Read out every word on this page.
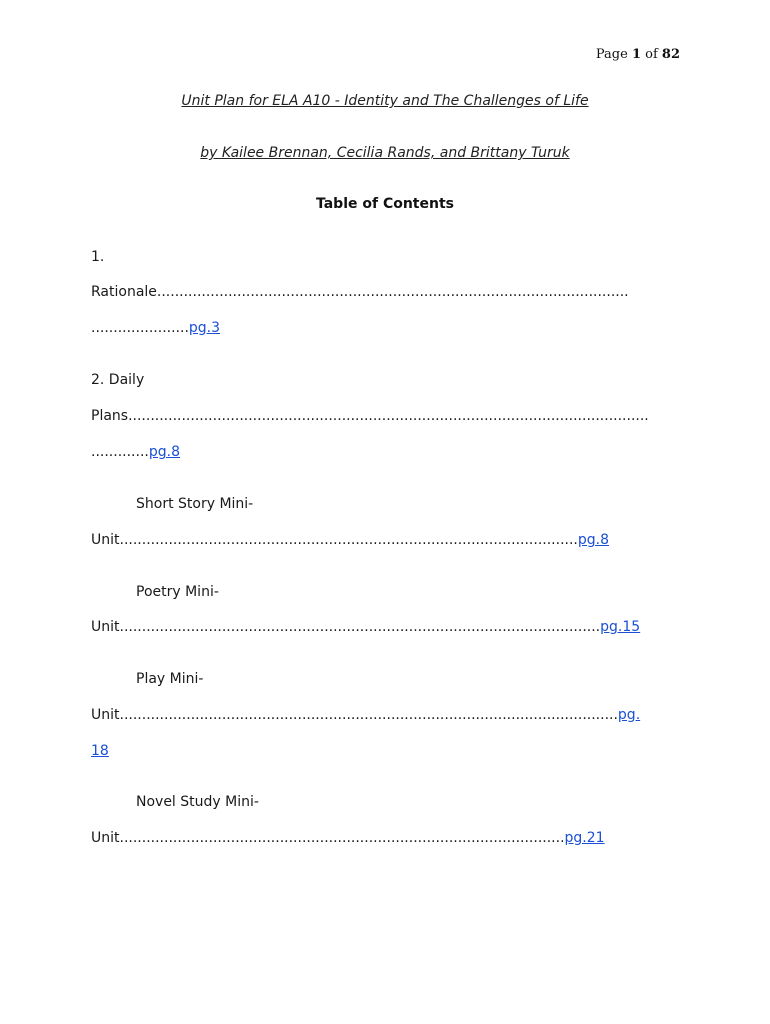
Page 1 of 82
Unit Plan for ELA A10 - Identity and The Challenges of Life
by Kailee Brennan, Cecilia Rands, and Brittany Turuk
Table of Contents
1.
Rationale..........................................................................................................
......................pg.3
2. Daily
Plans.....................................................................................................................
.............pg.8
Short Story Mini-
Unit.......................................................................................................pg.8
Poetry Mini-
Unit............................................................................................................pg.15
Play Mini-
Unit................................................................................................................pg.
18
Novel Study Mini-
Unit....................................................................................................pg.21
